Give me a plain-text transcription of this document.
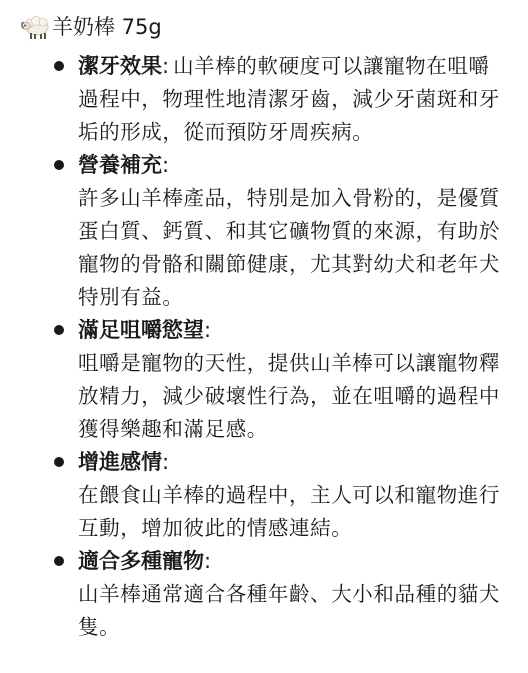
羊奶棒 75g
潔牙效果: 山羊棒的軟硬度可以讓寵物在咀嚼過程中，物理性地清潔牙齒，減少牙菌斑和牙垢的形成，從而預防牙周疾病。
營養補充:
許多山羊棒產品，特別是加入骨粉的，是優質蛋白質、鈣質、和其它礦物質的來源，有助於寵物的骨骼和關節健康，尤其對幼犬和老年犬特別有益。
滿足咀嚼慾望:
咀嚼是寵物的天性，提供山羊棒可以讓寵物釋放精力，減少破壞性行為，並在咀嚼的過程中獲得樂趣和滿足感。
增進感情:
在餵食山羊棒的過程中，主人可以和寵物進行互動，增加彼此的情感連結。
適合多種寵物:
山羊棒通常適合各種年齡、大小和品種的貓犬隻。
